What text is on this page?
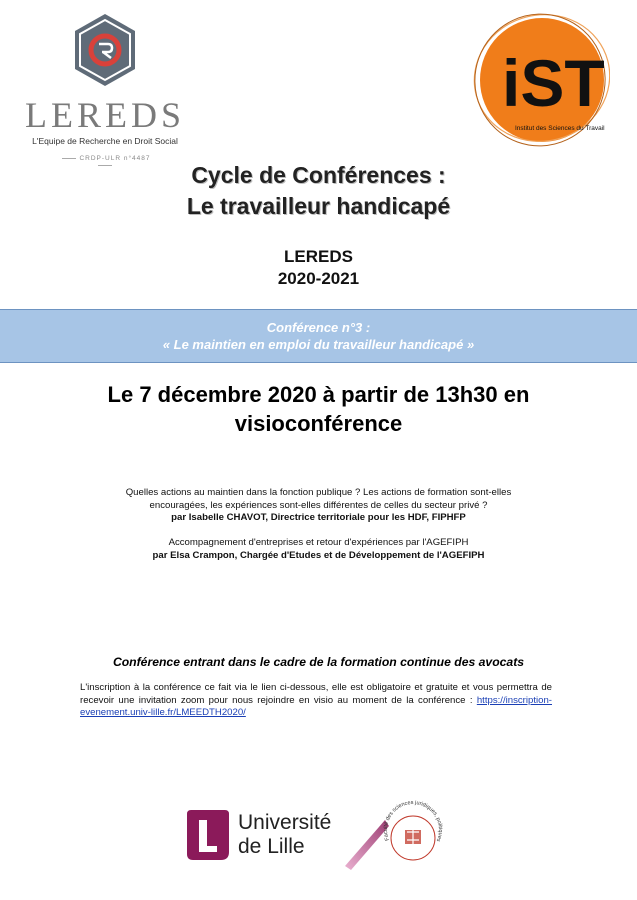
LEREDS
L'Equipe de Recherche en Droit Social
CRDP-ULR n°4487
iST
Institut des Sciences du Travail
Cycle de Conférences :
Le travailleur handicapé
LEREDS
2020-2021
Conférence n°3 :
« Le maintien en emploi du travailleur handicapé »
Le 7 décembre 2020 à partir de 13h30 en
visioconférence
Quelles actions au maintien dans la fonction publique ? Les actions de formation sont-elles
encouragées, les expériences sont-elles différentes de celles du secteur privé ?
par Isabelle CHAVOT, Directrice territoriale pour les HDF, FIPHFP
Accompagnement d'entreprises et retour d'expériences par l'AGEFIPH
par Elsa Crampon, Chargée d'Etudes et de Développement de l'AGEFIPH
Conférence entrant dans le cadre de la formation continue des avocats
L'inscription à la conférence ce fait via le lien ci-dessous, elle est obligatoire et gratuite et vous permettra de recevoir une invitation zoom pour nous rejoindre en visio au moment de la conférence : https://inscription-evenement.univ-lille.fr/LMEEDTH2020/
Université
de Lille	Faculté des sciences juridiques, politiques
